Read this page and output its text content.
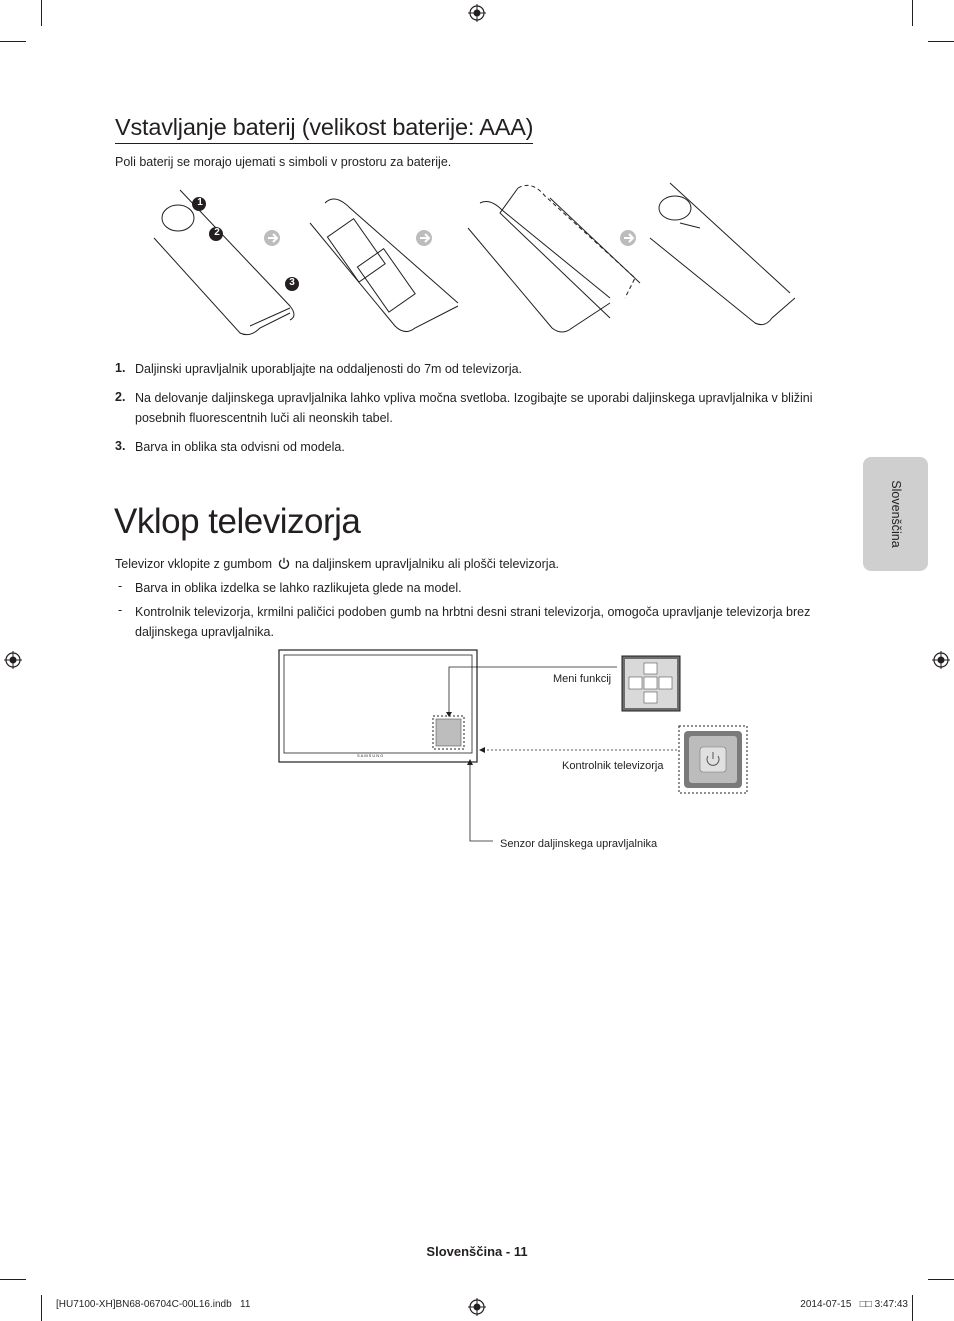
Vstavljanje baterij (velikost baterije: AAA)
Poli baterij se morajo ujemati s simboli v prostoru za baterije.
1
2
3
1. Daljinski upravljalnik uporabljajte na oddaljenosti do 7m od televizorja.
2. Na delovanje daljinskega upravljalnika lahko vpliva močna svetloba. Izogibajte se uporabi daljinskega upravljalnika v bližini posebnih fluorescentnih luči ali neonskih tabel.
3. Barva in oblika sta odvisni od modela.
Vklop televizorja
Televizor vklopite z gumbom na daljinskem upravljalniku ali plošči televizorja.
- Barva in oblika izdelka se lahko razlikujeta glede na model.
- Kontrolnik televizorja, krmilni paličici podoben gumb na hrbtni desni strani televizorja, omogoča upravljanje televizorja brez daljinskega upravljalnika.
SAMSUNG
Meni funkcij
Kontrolnik televizorja
Senzor daljinskega upravljalnika
Slovenščina
Slovenščina - 11
[HU7100-XH]BN68-06704C-00L16.indb   11	2014-07-15   □□ 3:47:43
